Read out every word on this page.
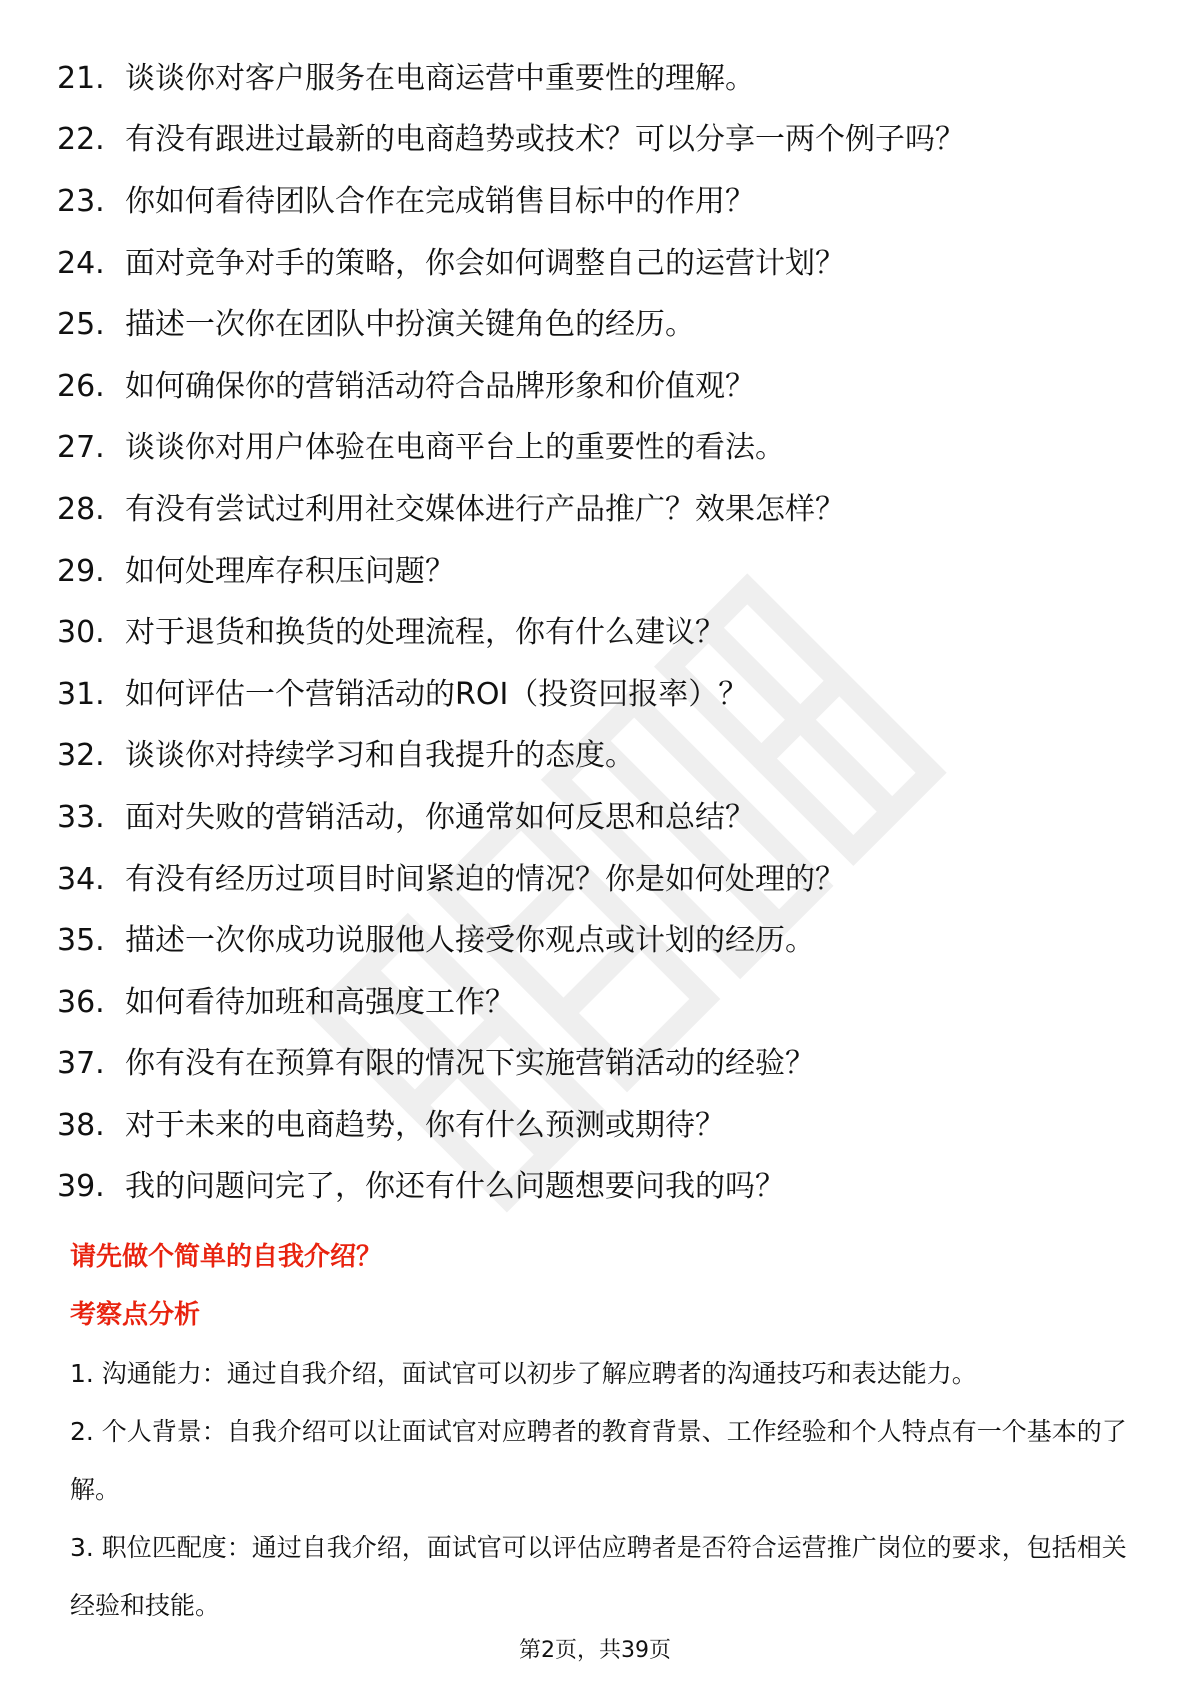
21. 谈谈你对客户服务在电商运营中重要性的理解。
22. 有没有跟进过最新的电商趋势或技术？可以分享一两个例子吗？
23. 你如何看待团队合作在完成销售目标中的作用？
24. 面对竞争对手的策略，你会如何调整自己的运营计划？
25. 描述一次你在团队中扮演关键角色的经历。
26. 如何确保你的营销活动符合品牌形象和价值观？
27. 谈谈你对用户体验在电商平台上的重要性的看法。
28. 有没有尝试过利用社交媒体进行产品推广？效果怎样？
29. 如何处理库存积压问题？
30. 对于退货和换货的处理流程，你有什么建议？
31. 如何评估一个营销活动的ROI（投资回报率）？
32. 谈谈你对持续学习和自我提升的态度。
33. 面对失败的营销活动，你通常如何反思和总结？
34. 有没有经历过项目时间紧迫的情况？你是如何处理的？
35. 描述一次你成功说服他人接受你观点或计划的经历。
36. 如何看待加班和高强度工作？
37. 你有没有在预算有限的情况下实施营销活动的经验？
38. 对于未来的电商趋势，你有什么预测或期待？
39. 我的问题问完了，你还有什么问题想要问我的吗？
请先做个简单的自我介绍？
考察点分析
1. 沟通能力：通过自我介绍，面试官可以初步了解应聘者的沟通技巧和表达能力。
2. 个人背景：自我介绍可以让面试官对应聘者的教育背景、工作经验和个人特点有一个基本的了解。
3. 职位匹配度：通过自我介绍，面试官可以评估应聘者是否符合运营推广岗位的要求，包括相关经验和技能。
第2页，共39页
